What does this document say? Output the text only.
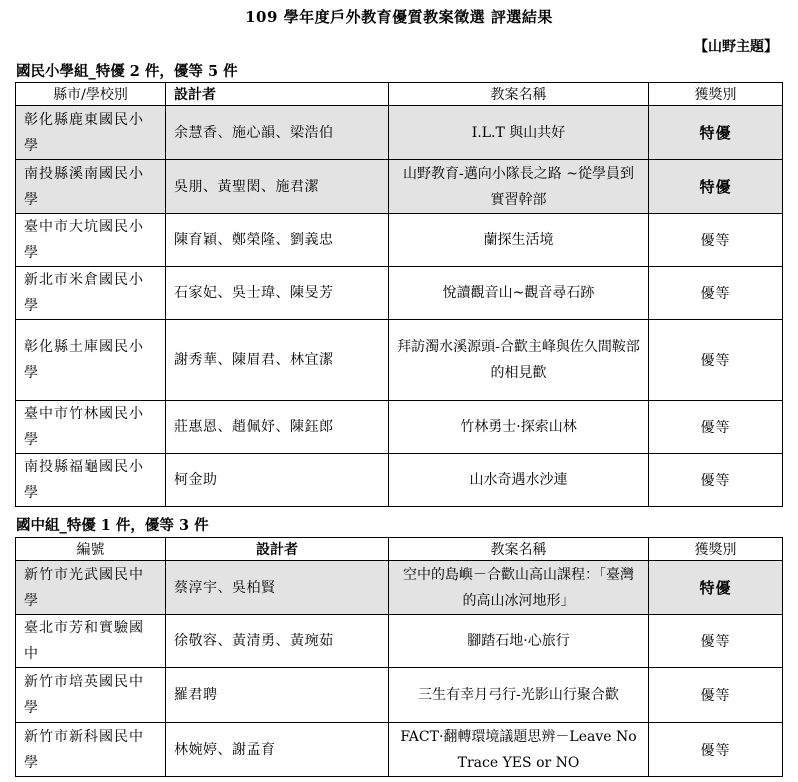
109 學年度戶外教育優質教案徵選 評選結果
【山野主題】
國民小學組_特優 2 件，優等 5 件
縣市/學校別	設計者	教案名稱	獲獎別
彰化縣鹿東國民小學	余慧香、施心韻、梁浩伯	I.L.T 與山共好	特優
南投縣溪南國民小學	吳朋、黃聖閎、施君潔	山野教育-邁向小隊長之路 ~從學員到實習幹部	特優
臺中市大坑國民小學	陳育穎、鄭榮隆、劉義忠	蘭探生活境	優等
新北市米倉國民小學	石家妃、吳士瑋、陳旻芳	悅讀觀音山~觀音尋石跡	優等
彰化縣土庫國民小學	謝秀華、陳眉君、林宜潔	拜訪濁水溪源頭-合歡主峰與佐久間鞍部的相見歡	優等
臺中市竹林國民小學	莊惠恩、趙佩妤、陳鈺郎	竹林勇士·探索山林	優等
南投縣福龜國民小學	柯金助	山水奇遇水沙連	優等
國中組_特優 1 件，優等 3 件
編號	設計者	教案名稱	獲獎別
新竹市光武國民中學	蔡淳宇、吳柏賢	空中的島嶼－合歡山高山課程：「臺灣的高山冰河地形」	特優
臺北市芳和實驗國中	徐敬容、黃清勇、黃琬茹	腳踏石地·心旅行	優等
新竹市培英國民中學	羅君聘	三生有幸月弓行-光影山行聚合歡	優等
新竹市新科國民中學	林婉婷、謝孟育	FACT·翻轉環境議題思辨－Leave No Trace YES or NO	優等
